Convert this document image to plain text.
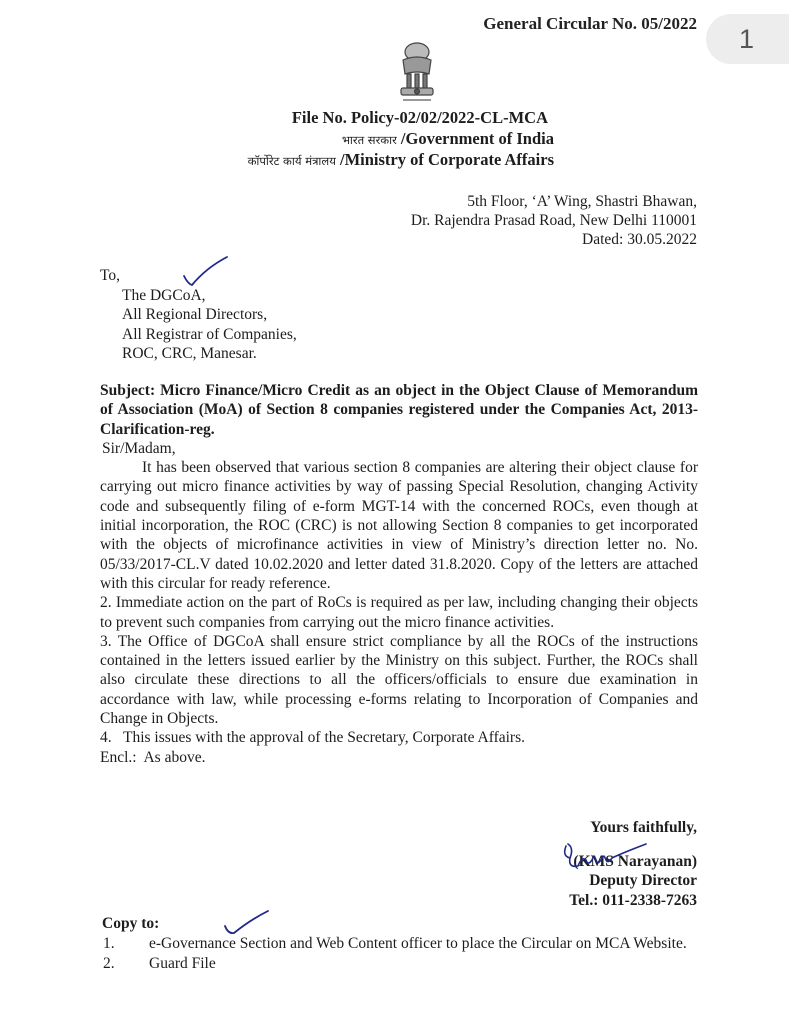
1
General Circular No. 05/2022
File No. Policy-02/02/2022-CL-MCA
भारत सरकार /Government of India
कॉर्पोरेट कार्य मंत्रालय /Ministry of Corporate Affairs
5th Floor, ‘A’ Wing, Shastri Bhawan,
Dr. Rajendra Prasad Road, New Delhi 110001
Dated: 30.05.2022
To,
The DGCoA,
All Regional Directors,
All Registrar of Companies,
ROC, CRC, Manesar.

Subject: Micro Finance/Micro Credit as an object in the Object Clause of Memorandum of Association (MoA) of Section 8 companies registered under the Companies Act, 2013-Clarification-reg.

Sir/Madam,

It has been observed that various section 8 companies are altering their object clause for carrying out micro finance activities by way of passing Special Resolution, changing Activity code and subsequently filing of e-form MGT-14 with the concerned ROCs, even though at initial incorporation, the ROC (CRC) is not allowing Section 8 companies to get incorporated with the objects of microfinance activities in view of Ministry’s direction letter no. No. 05/33/2017-CL.V dated 10.02.2020 and letter dated 31.8.2020. Copy of the letters are attached with this circular for ready reference.

2. Immediate action on the part of RoCs is required as per law, including changing their objects to prevent such companies from carrying out the micro finance activities.

3. The Office of DGCoA shall ensure strict compliance by all the ROCs of the instructions contained in the letters issued earlier by the Ministry on this subject. Further, the ROCs shall also circulate these directions to all the officers/officials to ensure due examination in accordance with law, while processing e-forms relating to Incorporation of Companies and Change in Objects.

4.   This issues with the approval of the Secretary, Corporate Affairs.

Encl.:  As above.

Yours faithfully,
(KMS Narayanan)
Deputy Director
Tel.: 011-2338-7263
Copy to:
1. e-Governance Section and Web Content officer to place the Circular on MCA Website.
2. Guard File
